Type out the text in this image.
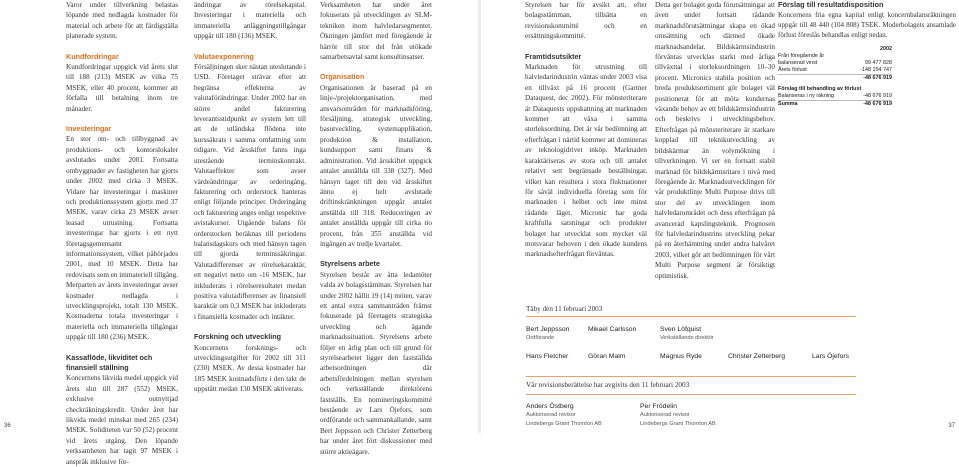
Varor under tillverkning belastas löpande med nedlagda kostnader för material och arbete för att färdigställa planerade system.

Kundfordringar

Kundfordringar uppgick vid årets slut till 188 (213) MSEK av vilka 75 MSEK, eller 40 procent, kommer att förfalla till betalning inom tre månader.

Investeringar

En stor om- och tillbyggnad av produktions- och kontorslokaler avslutades under 2001. Fortsatta ombyggnader av fastigheten har gjorts under 2002 med cirka 3 MSEK. Vidare har investeringar i maskiner och produktionssystem gjorts med 37 MSEK, varav cirka 23 MSEK avser leasad utrustning. Fortsatta investeringar har gjorts i ett nytt företagsgemensamt informationssystem, vilket påbörjades 2001, med 10 MSEK. Detta har redovisats som en immateriell tillgång. Merparten av årets investeringar avser kostnader nedlagda i utvecklingsprojekt, totalt 130 MSEK. Kostnaderna totala investeringar i materiella och immateriella tillgångar uppgår till 180 (236) MSEK.

Kassaflöde, likviditet och finansiell ställning

Koncernens likvida medel uppgick vid årets slut till 287 (552) MSEK, exklusive outnyttjad checkräkningskredit. Under året har likvida medel minskat med 265 (234) MSEK. Soliditeten var 50 (52) procent vid årets utgång. Den löpande verksamheten har tagit 97 MSEK i anspråk inklusive för-

ändringar av rörelsekapital. Investeringar i materiella och immateriella anläggningstillgångar uppgår till 180 (136) MSEK.

Valutaexponering

Försäljningen sker nästan uteslutande i USD. Företaget strävar efter att begränsa effekterna av valutaförändringar. Under 2002 har en större andel fakturering leverantsstidpunkt av system lett till att de utländska flödena inte kurssäkrats i samma omfattning som tidigare. Vid årsskiftet fanns inga utestående terminskontrakt. Valutaeffekter som avser värdeändringar av orderingång, fakturering och orderstock hanteras enligt följande principer. Orderingång och fakturering anges enligt respektive avistakurser. Utgående balans för orderstocken beräknas till periodens balansdagskurs och med hänsyn tagen till gjorda terminssäkringar. Valutadifferenser av rörelsekaraktär, ett negativt netto om -16 MSEK, har inkluderats i rörelseresultatet medan positiva valutadifferenser av finansiell karaktär om 0,3 MSEK har inkluderats i finansiella kostnader och intäkter.

Forskning och utveckling

Koncernens forsknings- och utvecklingsutgifter för 2002 till 311 (230) MSEK. Av dessa kostnader har 185 MSEK kostnadsförts i den takt de uppstått medan 130 MSEK aktiverats.

Verksamheten har under året fokuserats på utvecklingen av SLM-tekniken inom halvledarsegmentet. Ökningen jämfört med föregående år härrör till stor del från utökade samarbetsavtal samt konsultinsatser.

Organisation

Organisationen är baserad på en linje-/projektorganisation, med ansvarsområden för marknadsföring, försäljning, strategisk utveckling, basutveckling, systemapplikation, produktion & installation, kundsupport samt finans & administration. Vid årsskiftet uppgick antalet anställda till 338 (327). Med hänsyn taget till den vid årsskiftet ännu ej helt avslutade driftinskränkningen uppgår antalet anställda till 318. Reduceringen av antalet anställda uppgår till cirka tio procent, från 355 anställda vid ingången av tredje kvartalet.

Styrelsens arbete

Styrelsen består av åtta ledamöter valda av bolagsstämman. Styrelsen har under 2002 hållit 19 (14) möten, varav ett antal extra sammanträden främst fokuserade på företagets strategiska utveckling och ägande marknadssituation. Styrelsens arbete följer en årlig plan och till grund för styrelsearbetet ligger den fastställda arbetsordningen där arbetsfördelningen mellan styrelsen och verkställande direktörens fastställs. En nomineringskommitté bestående av Lars Öjefors, som ordförande och sammankallande, samt Bert Jeppsson och Christer Zetterberg har under året fört diskussioner med större aktieägare.

36

Styrelsen har för avsikt att, efter bolagsstämman, tillsätta en revisionskommitté och en ersättningskommitté.

Framtidsutsikter

Marknaden för utrustning till halvledarindustrin väntas under 2003 visa en tillväxt på 16 procent (Gartner Dataquest, dec 2002). För mönsteriterare är Dataquests uppskattning att marknaden kommer att växa i samma storleksordning. Det är vår bedömning att efterfrågan i närtid kommer att domineras av teknologidrivet inköp. Marknaden karaktäriseras av stora och till antalet relativt sett begränsade beställningar, vilket kan resultera i stora fluktuationer för såväl individuella företag som för marknaden i helhet och inte minst rådande läget. Micronic har goda kraftfulla satsningar och produkter bolaget har utvecklat som mycket väl motsvarar behoven i den ökade kundens marknadsefterfrågan förväntas.

Detta ger bolaget goda förutsättningar att även under fortsatt rådande marknadsförutsättningar skapa en ökad omsättning och därmed ökade marknadsandelar. Bildskärmsindustrin förväntas utvecklas starkt med årliga tillväxttal i storleksordningen 10–30 procent. Micronics stabila position och breda produktsortiment gör bolaget väl positionerat för att möta kundernas växande behov av ett bildskärmsindustrin och beskrivs i utvecklingsbehov. Efterfrågan på mönsteriterare är starkare kopplad till teknikutveckling av bildskärmar än volymökning i tillverkningen. Vi ser en fortsatt stabil marknad för bildskärmsritare i nivå med föregående år. Marknadsutvecklingen för vår produktlinje Multi Purpose drivs till stor del av utvecklingen inom halvledarområdet och dess efterfrågan på avancerad kapslingsteknik. Prognosen för halvledarindustrins utveckling pekar på en återhämtning under andra halvåret 2003, vilket gör att bedömningen för vårt Multi Purpose segment är försiktigt optimistisk.

37
Förslag till resultatdisposition

Koncernens fria egna kapital enligt koncernbalansräkningen uppgår till 48 440 (104 808) TSEK. Moderbolagets ansamlade förlust föreslås behandlas enligt nedan.

	2002
Från föregående år	
balanserad vinst	99 477 828
Årets förlust	-148 154 747
	-48 676 919
Förslag till behandling av förlust	
Balanseras i ny räkning	-48 676 919
Summa	-48 676 919
Täby den 11 februari 2003
Bert Jeppsson
Ordförande
Mikael Carlsson	Sven Löfquist
Verkställande direktör
Hans Fletcher	Göran Malm	Magnus Ryde	Christer Zetterberg	Lars Öjefors
Vår revisionsberättelse har avgivits den 11 februari 2003
Anders Östberg
Auktoriserad revisor
Lindebergs Grant Thornton AB
Per Frödelin
Auktoriserad revisor
Lindebergs Grant Thornton AB
